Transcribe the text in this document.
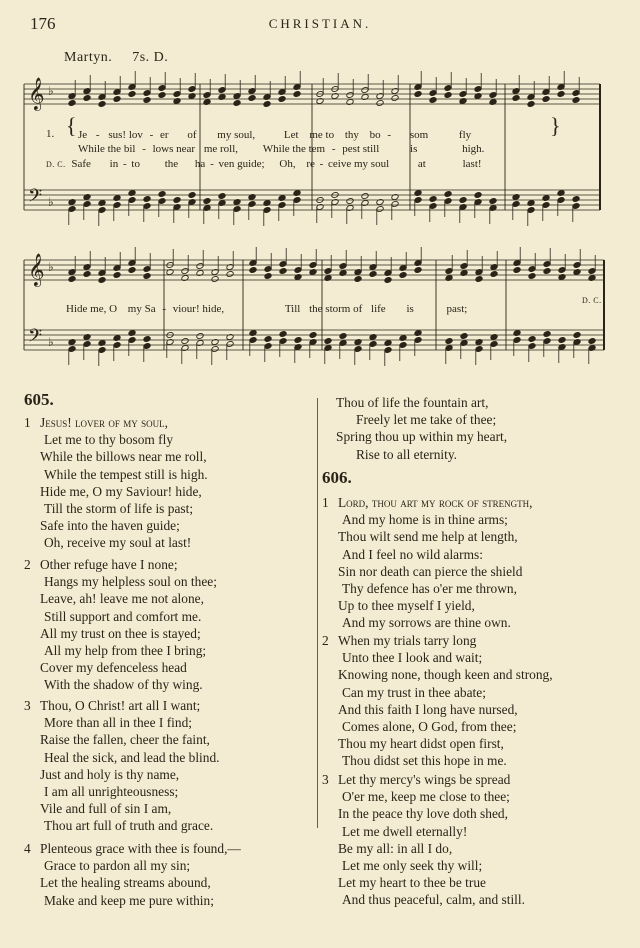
176	CHRISTIAN.
Martyn. 7s. D.
𝄞
𝄢
♭
♭
𝄞
𝄢
♭
♭
1. {	}
Je - sus! lov - er of my soul,	Let me to thy bo - som	fly
While the bil - lows near me roll, While the tem - pest still	is	high.
D. C. Safe in - to the ha - ven guide; Oh, re - ceive my soul	at	last!
Hide me, O my Sa - viour! hide,	Till the storm of life is	past;
D. C.
605.
1 Jesus! lover of my soul,
Let me to thy bosom fly
While the billows near me roll,
While the tempest still is high.
Hide me, O my Saviour! hide,
Till the storm of life is past;
Safe into the haven guide;
Oh, receive my soul at last!
2 Other refuge have I none;
Hangs my helpless soul on thee;
Leave, ah! leave me not alone,
Still support and comfort me.
All my trust on thee is stayed;
All my help from thee I bring;
Cover my defenceless head
With the shadow of thy wing.
3 Thou, O Christ! art all I want;
More than all in thee I find;
Raise the fallen, cheer the faint,
Heal the sick, and lead the blind.
Just and holy is thy name,
I am all unrighteousness;
Vile and full of sin I am,
Thou art full of truth and grace.
4 Plenteous grace with thee is found,—
Grace to pardon all my sin;
Let the healing streams abound,
Make and keep me pure within;
Thou of life the fountain art,
Freely let me take of thee;
Spring thou up within my heart,
Rise to all eternity.
606.
1 Lord, thou art my rock of strength,
And my home is in thine arms;
Thou wilt send me help at length,
And I feel no wild alarms:
Sin nor death can pierce the shield
Thy defence has o'er me thrown,
Up to thee myself I yield,
And my sorrows are thine own.
2 When my trials tarry long
Unto thee I look and wait;
Knowing none, though keen and strong,
Can my trust in thee abate;
And this faith I long have nursed,
Comes alone, O God, from thee;
Thou my heart didst open first,
Thou didst set this hope in me.
3 Let thy mercy's wings be spread
O'er me, keep me close to thee;
In the peace thy love doth shed,
Let me dwell eternally!
Be my all: in all I do,
Let me only seek thy will;
Let my heart to thee be true
And thus peaceful, calm, and still.
